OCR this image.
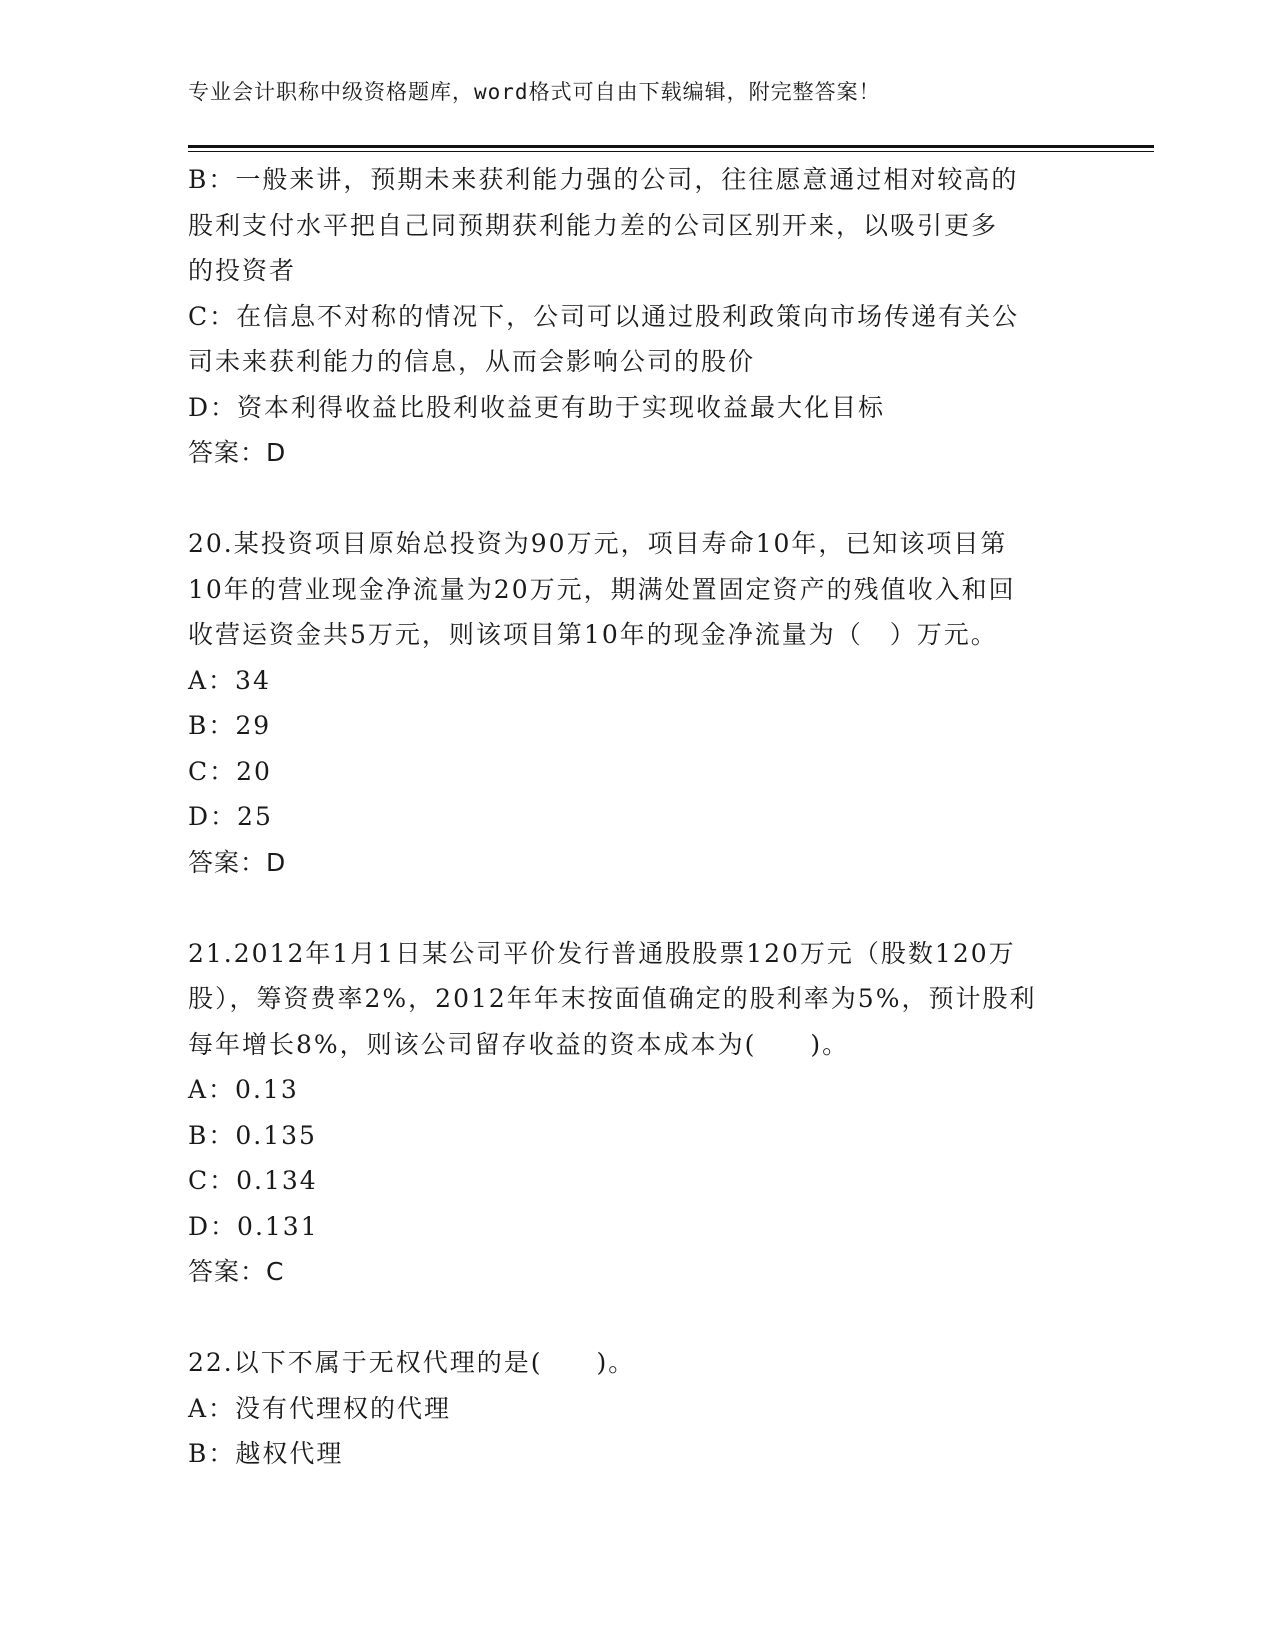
专业会计职称中级资格题库，word格式可自由下载编辑，附完整答案！
B：一般来讲，预期未来获利能力强的公司，往往愿意通过相对较高的
股利支付水平把自己同预期获利能力差的公司区别开来，以吸引更多
的投资者
C：在信息不对称的情况下，公司可以通过股利政策向市场传递有关公
司未来获利能力的信息，从而会影响公司的股价
D：资本利得收益比股利收益更有助于实现收益最大化目标
答案：D
20.某投资项目原始总投资为90万元，项目寿命10年，已知该项目第
10年的营业现金净流量为20万元，期满处置固定资产的残值收入和回
收营运资金共5万元，则该项目第10年的现金净流量为（　）万元。
A：34
B：29
C：20
D：25
答案：D
21.2012年1月1日某公司平价发行普通股股票120万元（股数120万
股），筹资费率2%，2012年年末按面值确定的股利率为5%，预计股利
每年增长8%，则该公司留存收益的资本成本为(　　)。
A：0.13
B：0.135
C：0.134
D：0.131
答案：C
22.以下不属于无权代理的是(　　)。
A：没有代理权的代理
B：越权代理
